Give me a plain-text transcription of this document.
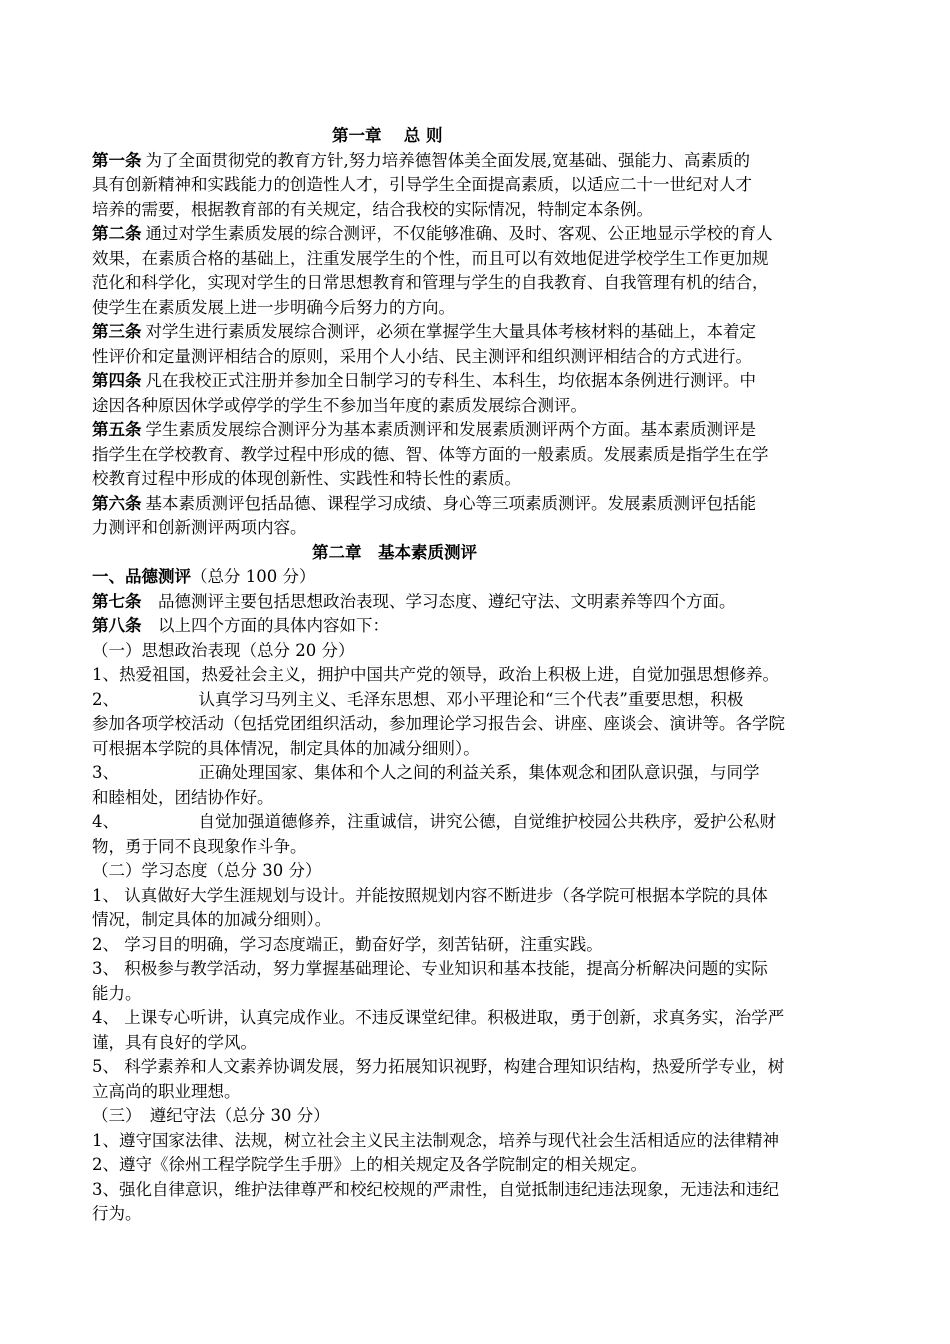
第一章　 总 则
第一条 为了全面贯彻党的教育方针,努力培养德智体美全面发展,宽基础、强能力、高素质的
具有创新精神和实践能力的创造性人才，引导学生全面提高素质，以适应二十一世纪对人才
培养的需要，根据教育部的有关规定，结合我校的实际情况，特制定本条例。
第二条 通过对学生素质发展的综合测评，不仅能够准确、及时、客观、公正地显示学校的育人
效果，在素质合格的基础上，注重发展学生的个性，而且可以有效地促进学校学生工作更加规
范化和科学化，实现对学生的日常思想教育和管理与学生的自我教育、自我管理有机的结合，
使学生在素质发展上进一步明确今后努力的方向。
第三条 对学生进行素质发展综合测评，必须在掌握学生大量具体考核材料的基础上，本着定
性评价和定量测评相结合的原则，采用个人小结、民主测评和组织测评相结合的方式进行。
第四条 凡在我校正式注册并参加全日制学习的专科生、本科生，均依据本条例进行测评。中
途因各种原因休学或停学的学生不参加当年度的素质发展综合测评。
第五条 学生素质发展综合测评分为基本素质测评和发展素质测评两个方面。基本素质测评是
指学生在学校教育、教学过程中形成的德、智、体等方面的一般素质。发展素质是指学生在学
校教育过程中形成的体现创新性、实践性和特长性的素质。
第六条 基本素质测评包括品德、课程学习成绩、身心等三项素质测评。发展素质测评包括能
力测评和创新测评两项内容。
第二章　基本素质测评
一、品德测评（总分 100 分）
第七条　品德测评主要包括思想政治表现、学习态度、遵纪守法、文明素养等四个方面。
第八条　以上四个方面的具体内容如下：
（一）思想政治表现（总分 20 分）
1、热爱祖国，热爱社会主义，拥护中国共产党的领导，政治上积极上进，自觉加强思想修养。
2、　　　　　 认真学习马列主义、毛泽东思想、邓小平理论和“三个代表”重要思想，积极
参加各项学校活动（包括党团组织活动，参加理论学习报告会、讲座、座谈会、演讲等。各学院
可根据本学院的具体情况，制定具体的加减分细则）。
3、　　　　　 正确处理国家、集体和个人之间的利益关系，集体观念和团队意识强，与同学
和睦相处，团结协作好。
4、　　　　　 自觉加强道德修养，注重诚信，讲究公德，自觉维护校园公共秩序，爱护公私财
物，勇于同不良现象作斗争。
（二）学习态度（总分 30 分）
1、 认真做好大学生涯规划与设计。并能按照规划内容不断进步（各学院可根据本学院的具体
情况，制定具体的加减分细则）。
2、 学习目的明确，学习态度端正，勤奋好学，刻苦钻研，注重实践。
3、 积极参与教学活动，努力掌握基础理论、专业知识和基本技能，提高分析解决问题的实际
能力。
4、 上课专心听讲，认真完成作业。不违反课堂纪律。积极进取，勇于创新，求真务实，治学严
谨，具有良好的学风。
5、 科学素养和人文素养协调发展，努力拓展知识视野，构建合理知识结构，热爱所学专业，树
立高尚的职业理想。
（三）　遵纪守法（总分 30 分）
1、遵守国家法律、法规，树立社会主义民主法制观念，培养与现代社会生活相适应的法律精神
2、遵守《徐州工程学院学生手册》上的相关规定及各学院制定的相关规定。
3、强化自律意识，维护法律尊严和校纪校规的严肃性，自觉抵制违纪违法现象，无违法和违纪
行为。
